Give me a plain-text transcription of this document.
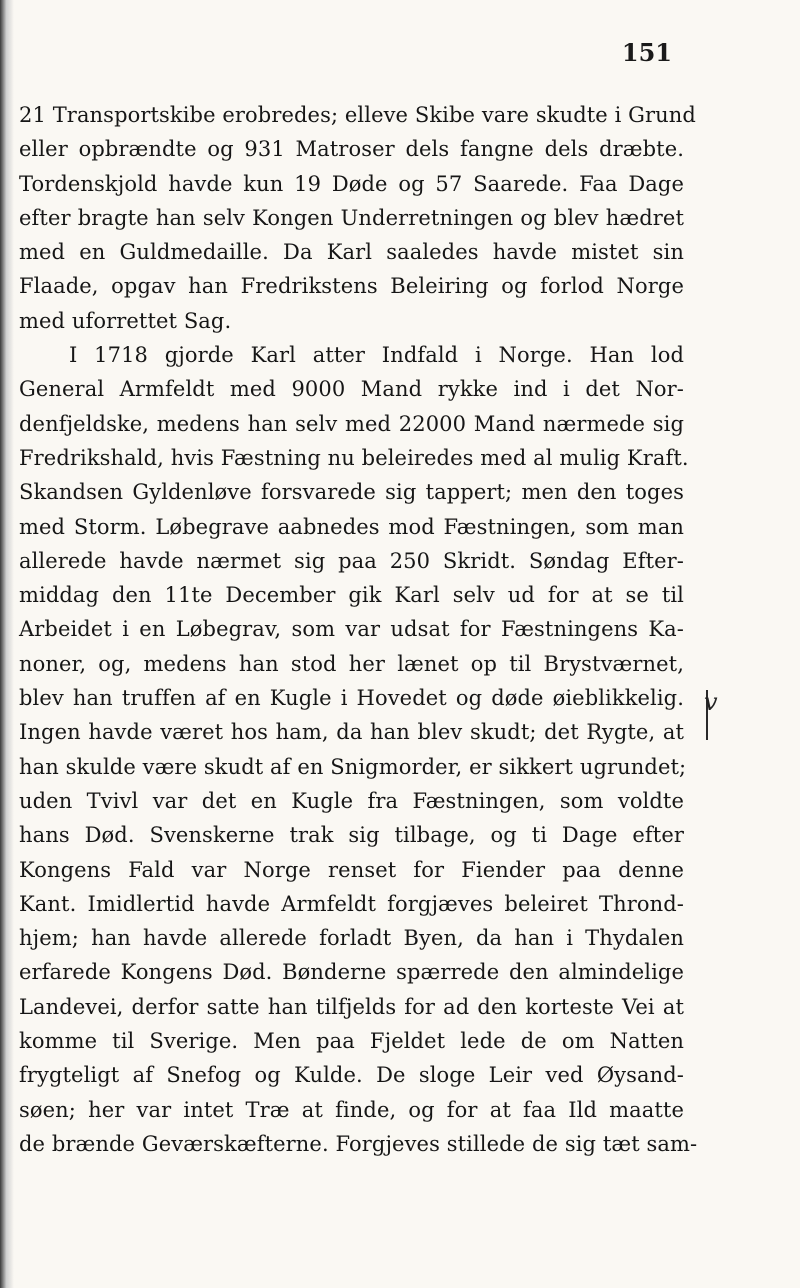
151

21 Transportskibe erobredes; elleve Skibe vare skudte i Grund
eller opbrændte og 931 Matroser dels fangne dels dræbte.
Tordenskjold havde kun 19 Døde og 57 Saarede. Faa Dage
efter bragte han selv Kongen Underretningen og blev hædret
med en Guldmedaille. Da Karl saaledes havde mistet sin
Flaade, opgav han Fredrikstens Beleiring og forlod Norge
med uforrettet Sag.
I 1718 gjorde Karl atter Indfald i Norge. Han lod
General Armfeldt med 9000 Mand rykke ind i det Nor-
denfjeldske, medens han selv med 22000 Mand nærmede sig
Fredrikshald, hvis Fæstning nu beleiredes med al mulig Kraft.
Skandsen Gyldenløve forsvarede sig tappert; men den toges
med Storm. Løbegrave aabnedes mod Fæstningen, som man
allerede havde nærmet sig paa 250 Skridt. Søndag Efter-
middag den 11te December gik Karl selv ud for at se til
Arbeidet i en Løbegrav, som var udsat for Fæstningens Ka-
noner, og, medens han stod her lænet op til Brystværnet,
blev han truffen af en Kugle i Hovedet og døde øieblikkelig.
Ingen havde været hos ham, da han blev skudt; det Rygte, at
han skulde være skudt af en Snigmorder, er sikkert ugrundet;
uden Tvivl var det en Kugle fra Fæstningen, som voldte
hans Død. Svenskerne trak sig tilbage, og ti Dage efter
Kongens Fald var Norge renset for Fiender paa denne
Kant. Imidlertid havde Armfeldt forgjæves beleiret Thrond-
hjem; han havde allerede forladt Byen, da han i Thydalen
erfarede Kongens Død. Bønderne spærrede den almindelige
Landevei, derfor satte han tilfjelds for ad den korteste Vei at
komme til Sverige. Men paa Fjeldet lede de om Natten
frygteligt af Snefog og Kulde. De sloge Leir ved Øysand-
søen; her var intet Træ at finde, og for at faa Ild maatte
de brænde Geværskæfterne. Forgjeves stillede de sig tæt sam-

v
